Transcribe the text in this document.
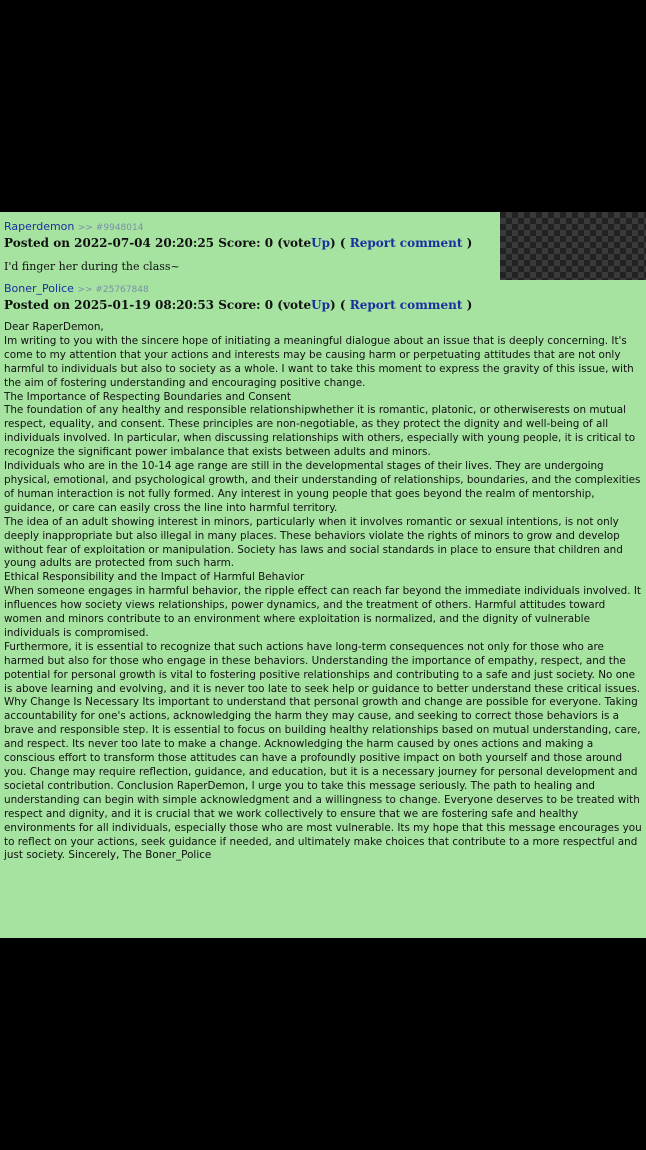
Raperdemon >> #9948014
Posted on 2022-07-04 20:20:25 Score: 0 (voteUp) ( Report comment )

I'd finger her during the class~

Boner_Police >> #25767848
Posted on 2025-01-19 08:20:53 Score: 0 (voteUp) ( Report comment )

Dear RaperDemon,

Im writing to you with the sincere hope of initiating a meaningful dialogue about an issue that is deeply concerning. It's come to my attention that your actions and interests may be causing harm or perpetuating attitudes that are not only harmful to individuals but also to society as a whole. I want to take this moment to express the gravity of this issue, with the aim of fostering understanding and encouraging positive change.

The Importance of Respecting Boundaries and Consent

The foundation of any healthy and responsible relationshipwhether it is romantic, platonic, or otherwiserests on mutual respect, equality, and consent. These principles are non-negotiable, as they protect the dignity and well-being of all individuals involved. In particular, when discussing relationships with others, especially with young people, it is critical to recognize the significant power imbalance that exists between adults and minors.

Individuals who are in the 10-14 age range are still in the developmental stages of their lives. They are undergoing physical, emotional, and psychological growth, and their understanding of relationships, boundaries, and the complexities of human interaction is not fully formed. Any interest in young people that goes beyond the realm of mentorship, guidance, or care can easily cross the line into harmful territory.

The idea of an adult showing interest in minors, particularly when it involves romantic or sexual intentions, is not only deeply inappropriate but also illegal in many places. These behaviors violate the rights of minors to grow and develop without fear of exploitation or manipulation. Society has laws and social standards in place to ensure that children and young adults are protected from such harm.

Ethical Responsibility and the Impact of Harmful Behavior

When someone engages in harmful behavior, the ripple effect can reach far beyond the immediate individuals involved. It influences how society views relationships, power dynamics, and the treatment of others. Harmful attitudes toward women and minors contribute to an environment where exploitation is normalized, and the dignity of vulnerable individuals is compromised.

Furthermore, it is essential to recognize that such actions have long-term consequences not only for those who are harmed but also for those who engage in these behaviors. Understanding the importance of empathy, respect, and the potential for personal growth is vital to fostering positive relationships and contributing to a safe and just society. No one is above learning and evolving, and it is never too late to seek help or guidance to better understand these critical issues. Why Change Is Necessary Its important to understand that personal growth and change are possible for everyone. Taking accountability for one's actions, acknowledging the harm they may cause, and seeking to correct those behaviors is a brave and responsible step. It is essential to focus on building healthy relationships based on mutual understanding, care, and respect. Its never too late to make a change. Acknowledging the harm caused by ones actions and making a conscious effort to transform those attitudes can have a profoundly positive impact on both yourself and those around you. Change may require reflection, guidance, and education, but it is a necessary journey for personal development and societal contribution. Conclusion RaperDemon, I urge you to take this message seriously. The path to healing and understanding can begin with simple acknowledgment and a willingness to change. Everyone deserves to be treated with respect and dignity, and it is crucial that we work collectively to ensure that we are fostering safe and healthy environments for all individuals, especially those who are most vulnerable. Its my hope that this message encourages you to reflect on your actions, seek guidance if needed, and ultimately make choices that contribute to a more respectful and just society. Sincerely, The Boner_Police
